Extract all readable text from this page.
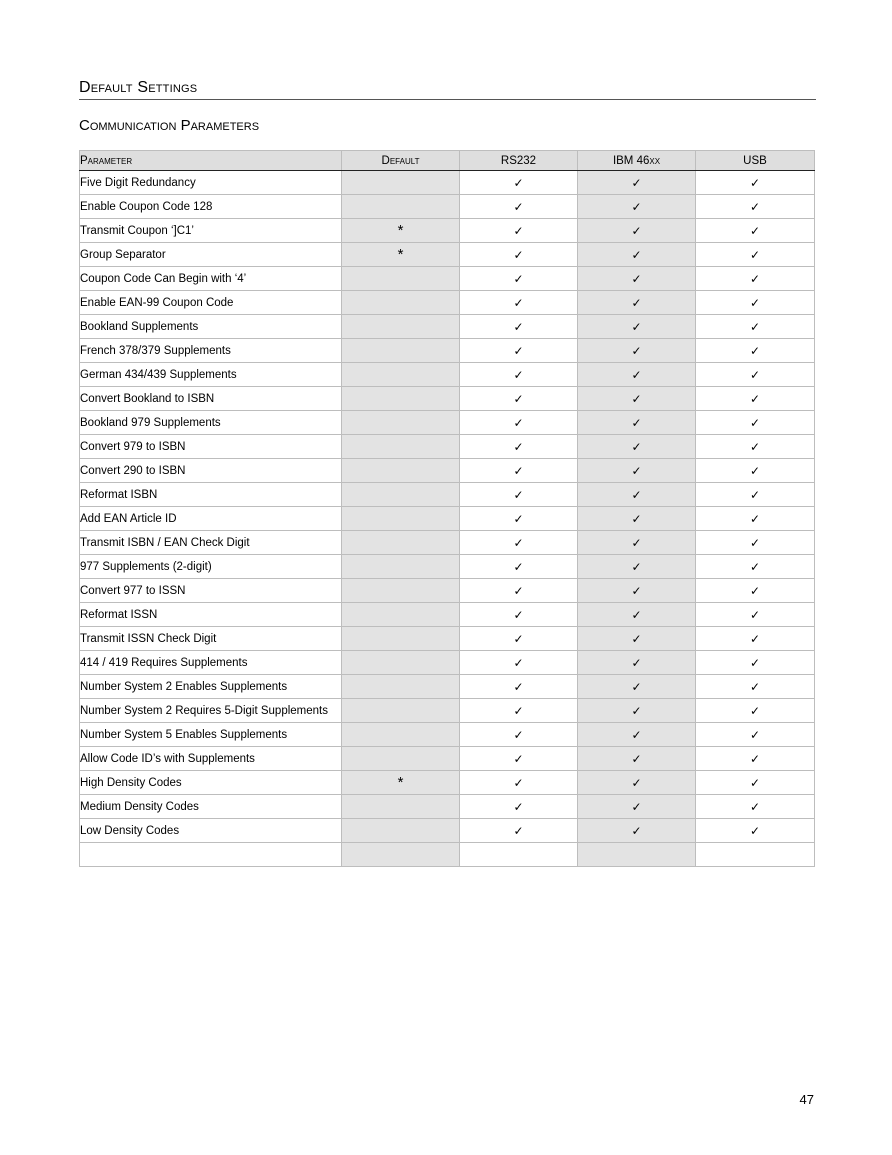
Default Settings
Communication Parameters
Parameter	Default	RS232	IBM 46xx	USB
Five Digit Redundancy		✓	✓	✓
Enable Coupon Code 128		✓	✓	✓
Transmit Coupon ‘]C1’	*	✓	✓	✓
Group Separator	*	✓	✓	✓
Coupon Code Can Begin with ‘4’		✓	✓	✓
Enable EAN-99 Coupon Code		✓	✓	✓
Bookland Supplements		✓	✓	✓
French 378/379 Supplements		✓	✓	✓
German 434/439 Supplements		✓	✓	✓
Convert Bookland to ISBN		✓	✓	✓
Bookland 979 Supplements		✓	✓	✓
Convert 979 to ISBN		✓	✓	✓
Convert 290 to ISBN		✓	✓	✓
Reformat ISBN		✓	✓	✓
Add EAN Article ID		✓	✓	✓
Transmit ISBN / EAN Check Digit		✓	✓	✓
977 Supplements (2-digit)		✓	✓	✓
Convert 977 to ISSN		✓	✓	✓
Reformat ISSN		✓	✓	✓
Transmit ISSN Check Digit		✓	✓	✓
414 / 419 Requires Supplements		✓	✓	✓
Number System 2 Enables Supplements		✓	✓	✓
Number System 2 Requires 5-Digit Supplements		✓	✓	✓
Number System 5 Enables Supplements		✓	✓	✓
Allow Code ID’s with Supplements		✓	✓	✓
High Density Codes	*	✓	✓	✓
Medium Density Codes		✓	✓	✓
Low Density Codes		✓	✓	✓

47
